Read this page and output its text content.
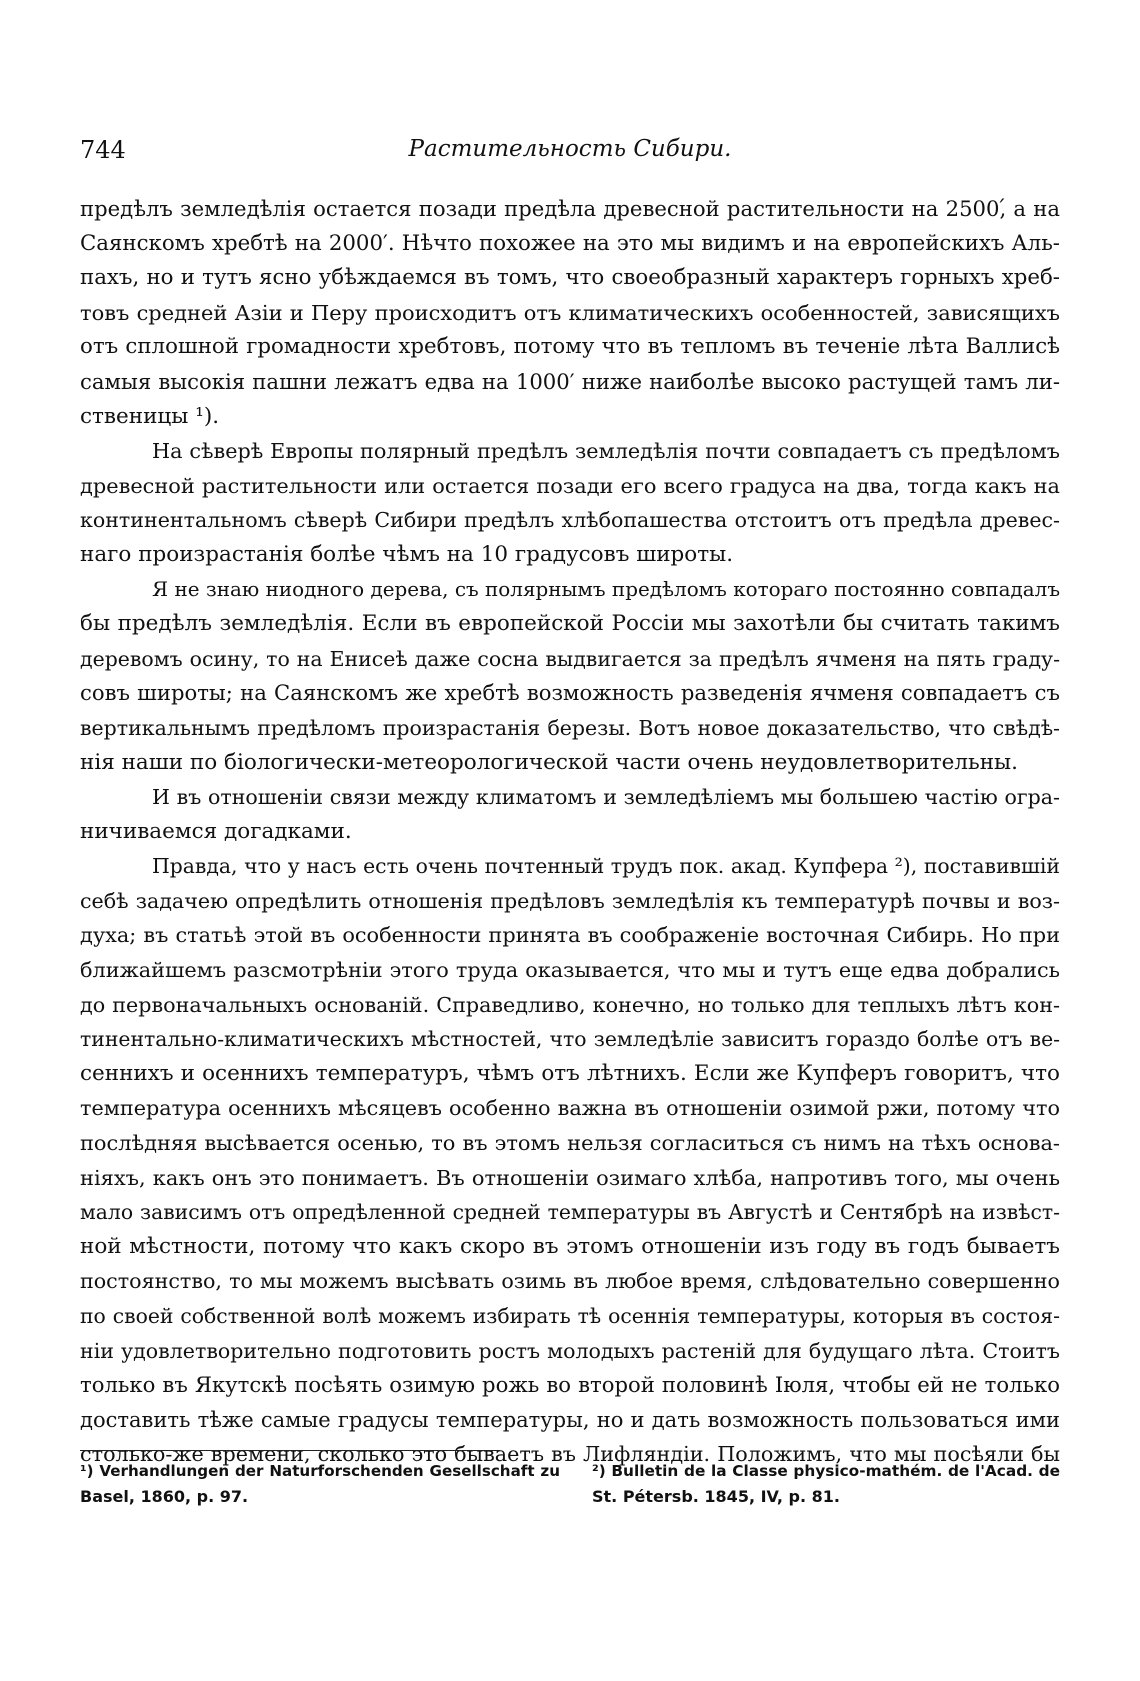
744	Растительность Сибири.

предѣлъ земледѣлія остается позади предѣла древесной растительности на 2500,́ а на
Саянскомъ хребтѣ на 2000′. Нѣчто похожее на это мы видимъ и на европейскихъ Аль-
пахъ, но и тутъ ясно убѣждаемся въ томъ, что своеобразный характеръ горныхъ хреб-
товъ средней Азіи и Перу происходитъ отъ климатическихъ особенностей, зависящихъ
отъ сплошной громадности хребтовъ, потому что въ тепломъ въ теченіе лѣта Валлисѣ
самыя высокія пашни лежатъ едва на 1000′ ниже наиболѣе высоко растущей тамъ ли-
ственицы ¹).

На сѣверѣ Европы полярный предѣлъ земледѣлія почти совпадаетъ съ предѣломъ
древесной растительности или остается позади его всего градуса на два, тогда какъ на
континентальномъ сѣверѣ Сибири предѣлъ хлѣбопашества отстоитъ отъ предѣла древес-
наго произрастанія болѣе чѣмъ на 10 градусовъ широты.

Я не знаю ниодного дерева, съ полярнымъ предѣломъ котораго постоянно совпадалъ
бы предѣлъ земледѣлія. Если въ европейской Россіи мы захотѣли бы считать такимъ
деревомъ осину, то на Енисеѣ даже сосна выдвигается за предѣлъ ячменя на пять граду-
совъ широты; на Саянскомъ же хребтѣ возможность разведенія ячменя совпадаетъ съ
вертикальнымъ предѣломъ произрастанія березы. Вотъ новое доказательство, что свѣдѣ-
нія наши по біологически-метеорологической части очень неудовлетворительны.

И въ отношеніи связи между климатомъ и земледѣліемъ мы большею частію огра-
ничиваемся догадками.

Правда, что у насъ есть очень почтенный трудъ пок. акад. Купфера ²), поставившій
себѣ задачею опредѣлить отношенія предѣловъ земледѣлія къ температурѣ почвы и воз-
духа; въ статьѣ этой въ особенности принята въ соображеніе восточная Сибирь. Но при
ближайшемъ разсмотрѣніи этого труда оказывается, что мы и тутъ еще едва добрались
до первоначальныхъ основаній. Справедливо, конечно, но только для теплыхъ лѣтъ кон-
тинентально-климатическихъ мѣстностей, что земледѣліе зависитъ гораздо болѣе отъ ве-
сеннихъ и осеннихъ температуръ, чѣмъ отъ лѣтнихъ. Если же Купферъ говоритъ, что
температура осеннихъ мѣсяцевъ особенно важна въ отношеніи озимой ржи, потому что
послѣдняя высѣвается осенью, то въ этомъ нельзя согласиться съ нимъ на тѣхъ основа-
ніяхъ, какъ онъ это понимаетъ. Въ отношеніи озимаго хлѣба, напротивъ того, мы очень
мало зависимъ отъ опредѣленной средней температуры въ Августѣ и Сентябрѣ на извѣст-
ной мѣстности, потому что какъ скоро въ этомъ отношеніи изъ году въ годъ бываетъ
постоянство, то мы можемъ высѣвать озимь въ любое время, слѣдовательно совершенно
по своей собственной волѣ можемъ избирать тѣ осеннія температуры, которыя въ состоя-
ніи удовлетворительно подготовить ростъ молодыхъ растеній для будущаго лѣта. Стоитъ
только въ Якутскѣ посѣять озимую рожь во второй половинѣ Іюля, чтобы ей не только
доставить тѣже самые градусы температуры, но и дать возможность пользоваться ими
столько-же времени, сколько это бываетъ въ Лифляндіи. Положимъ, что мы посѣяли бы

¹) Verhandlungen der Naturforschenden Gesellschaft zu
Basel, 1860, p. 97.
²) Bulletin de la Classe physico-mathém. de l'Acad. de
St. Pétersb. 1845, IV, p. 81.
